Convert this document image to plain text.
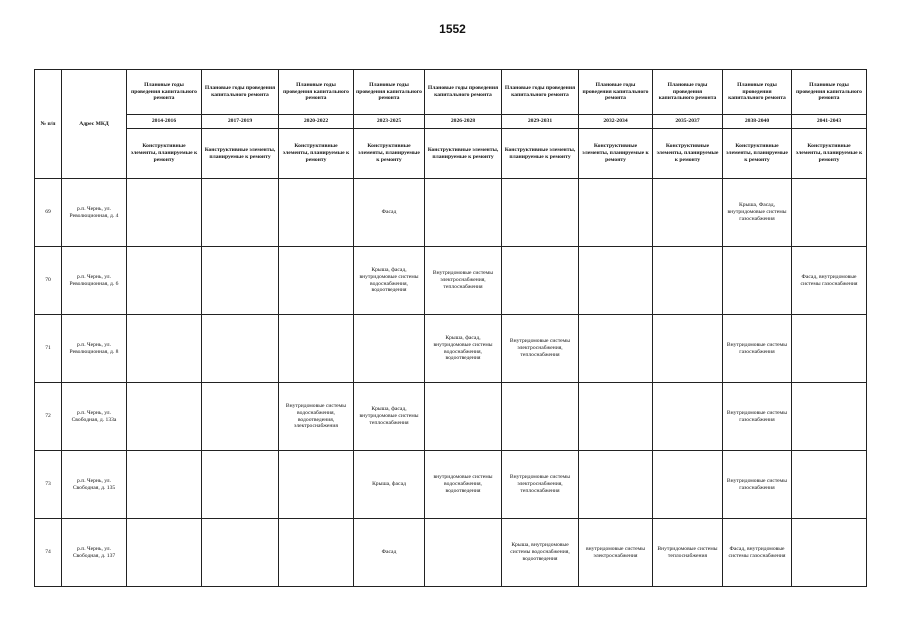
1552
№ п/п	Адрес МКД	Плановые годы проведения капитального ремонта	Плановые годы проведения капитального ремонта	Плановые годы проведения капитального ремонта	Плановые годы проведения капитального ремонта	Плановые годы проведения капитального ремонта	Плановые годы проведения капитального ремонта	Плановые годы проведения капитального ремонта	Плановые годы проведения капитального ремонта	Плановые годы проведения капитального ремонта	Плановые годы проведения капитального ремонта
		2014-2016	2017-2019	2020-2022	2023-2025	2026-2028	2029-2031	2032-2034	2035-2037	2038-2040	2041-2043
		Конструктивные элементы, планируемые к ремонту	Конструктивные элементы, планируемые к ремонту	Конструктивные элементы, планируемые к ремонту	Конструктивные элементы, планируемые к ремонту	Конструктивные элементы, планируемые к ремонту	Конструктивные элементы, планируемые к ремонту	Конструктивные элементы, планируемые к ремонту	Конструктивные элементы, планируемые к ремонту	Конструктивные элементы, планируемые к ремонту	Конструктивные элементы, планируемые к ремонту
69	р.п. Чернь, ул. Революционная, д. 4				Фасад					Крыша, Фасад, внутридомовые системы газоснабжения	
70	р.п. Чернь, ул. Революционная, д. 6				Крыша, фасад, внутридомовые системы водоснабжения, водоотведения	Внутридомовые системы электроснабжения, теплоснабжения					Фасад, внутридомовые системы газоснабжения
71	р.п. Чернь, ул. Революционная, д. 8					Крыша, фасад, внутридомовые системы водоснабжения, водоотведения	Внутридомовые системы электроснабжения, теплоснабжения			Внутридомовые системы газоснабжения	
72	р.п. Чернь, ул. Свободная, д. 133а			Внутридомовые системы водоснабжения, водоотведения, электроснабжения	Крыша, фасад, внутридомовые системы теплоснабжения					Внутридомовые системы газоснабжения	
73	р.п. Чернь, ул. Свободная, д. 135				Крыша, фасад	внутридомовые системы водоснабжения, водоотведения	Внутридомовые системы электроснабжения, теплоснабжения			Внутридомовые системы газоснабжения	
74	р.п. Чернь, ул. Свободная, д. 137				Фасад		Крыша, внутридомовые системы водоснабжения, водоотведения	внутридомовые системы электроснабжения	Внутридомовые системы теплоснабжения	Фасад, внутридомовые системы газоснабжения	
